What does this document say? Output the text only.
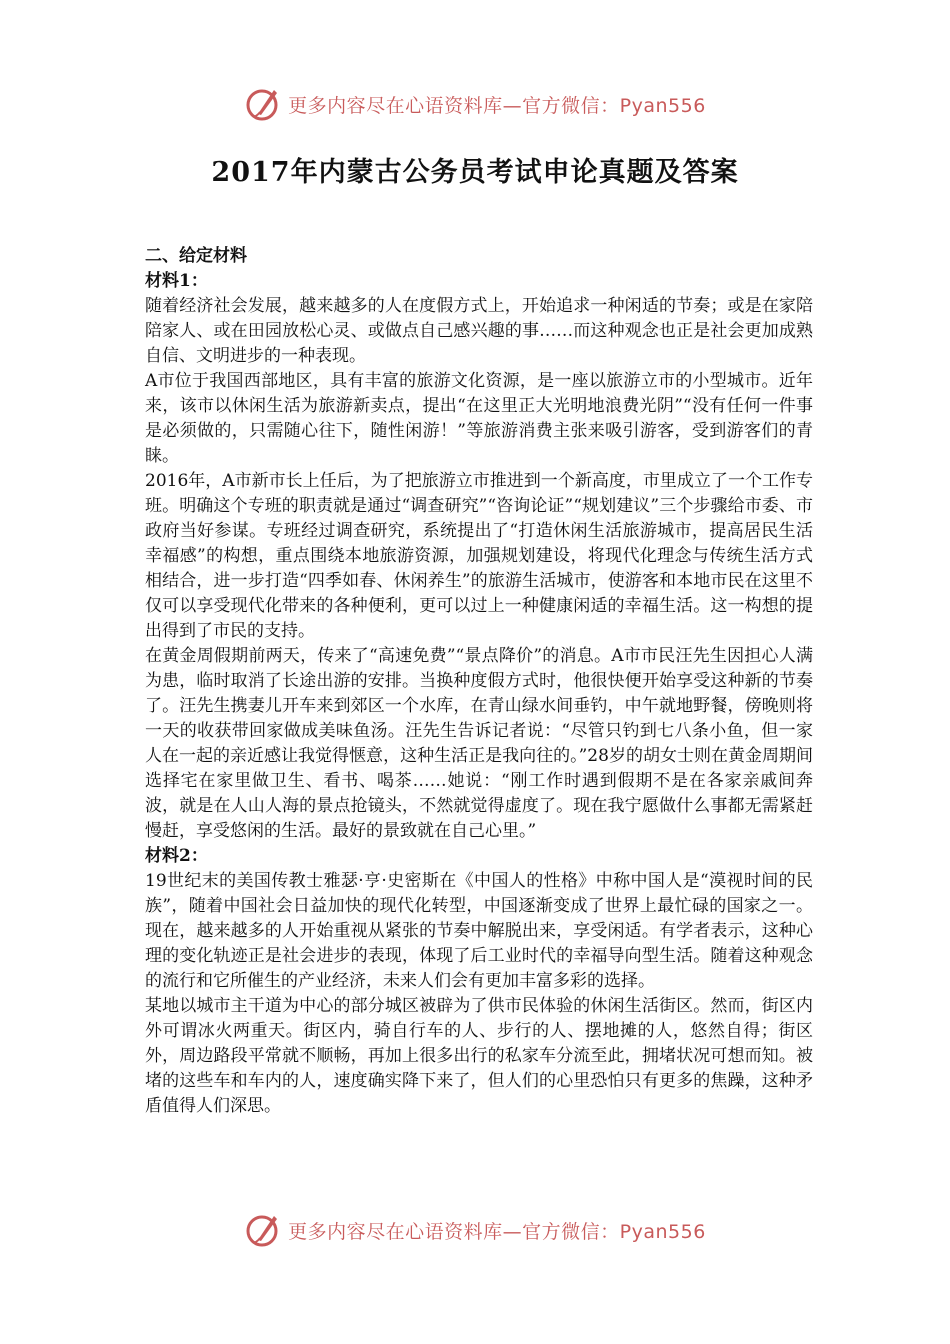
更多内容尽在心语资料库—官方微信：Pyan556
2017年内蒙古公务员考试申论真题及答案
二、给定材料

材料1：

随着经济社会发展，越来越多的人在度假方式上，开始追求一种闲适的节奏；或是在家陪陪家人、或在田园放松心灵、或做点自己感兴趣的事……而这种观念也正是社会更加成熟自信、文明进步的一种表现。

A市位于我国西部地区，具有丰富的旅游文化资源，是一座以旅游立市的小型城市。近年来，该市以休闲生活为旅游新卖点，提出“在这里正大光明地浪费光阴”“没有任何一件事是必须做的，只需随心往下，随性闲游！”等旅游消费主张来吸引游客，受到游客们的青睐。

2016年，A市新市长上任后，为了把旅游立市推进到一个新高度，市里成立了一个工作专班。明确这个专班的职责就是通过“调查研究”“咨询论证”“规划建议”三个步骤给市委、市政府当好参谋。专班经过调查研究，系统提出了“打造休闲生活旅游城市，提高居民生活幸福感”的构想，重点围绕本地旅游资源，加强规划建设，将现代化理念与传统生活方式相结合，进一步打造“四季如春、休闲养生”的旅游生活城市，使游客和本地市民在这里不仅可以享受现代化带来的各种便利，更可以过上一种健康闲适的幸福生活。这一构想的提出得到了市民的支持。

在黄金周假期前两天，传来了“高速免费”“景点降价”的消息。A市市民汪先生因担心人满为患，临时取消了长途出游的安排。当换种度假方式时，他很快便开始享受这种新的节奏了。汪先生携妻儿开车来到郊区一个水库，在青山绿水间垂钓，中午就地野餐，傍晚则将一天的收获带回家做成美味鱼汤。汪先生告诉记者说：“尽管只钓到七八条小鱼，但一家人在一起的亲近感让我觉得惬意，这种生活正是我向往的。”28岁的胡女士则在黄金周期间选择宅在家里做卫生、看书、喝茶……她说：“刚工作时遇到假期不是在各家亲戚间奔波，就是在人山人海的景点抢镜头，不然就觉得虚度了。现在我宁愿做什么事都无需紧赶慢赶，享受悠闲的生活。最好的景致就在自己心里。”

材料2：

19世纪末的美国传教士雅瑟·亨·史密斯在《中国人的性格》中称中国人是“漠视时间的民族”，随着中国社会日益加快的现代化转型，中国逐渐变成了世界上最忙碌的国家之一。现在，越来越多的人开始重视从紧张的节奏中解脱出来，享受闲适。有学者表示，这种心理的变化轨迹正是社会进步的表现，体现了后工业时代的幸福导向型生活。随着这种观念的流行和它所催生的产业经济，未来人们会有更加丰富多彩的选择。

某地以城市主干道为中心的部分城区被辟为了供市民体验的休闲生活街区。然而，街区内外可谓冰火两重天。街区内，骑自行车的人、步行的人、摆地摊的人，悠然自得；街区外，周边路段平常就不顺畅，再加上很多出行的私家车分流至此，拥堵状况可想而知。被堵的这些车和车内的人，速度确实降下来了，但人们的心里恐怕只有更多的焦躁，这种矛盾值得人们深思。

更多内容尽在心语资料库—官方微信：Pyan556
